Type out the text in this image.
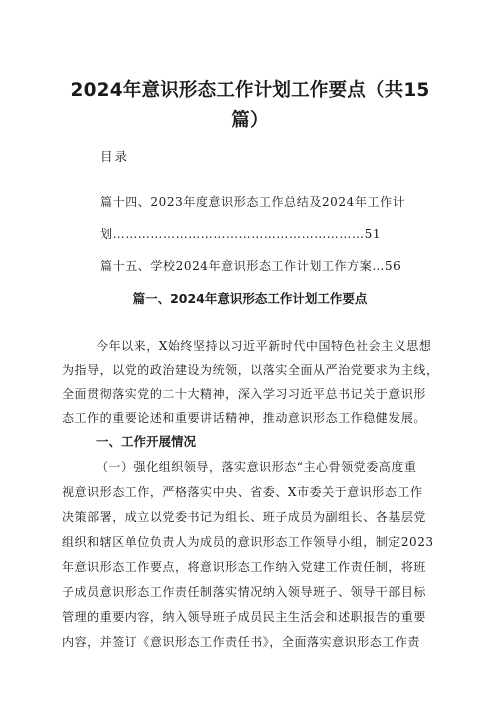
2024年意识形态工作计划工作要点（共15
篇）
目录
篇十四、2023年度意识形态工作总结及2024年工作计
划……………………………………………………51
篇十五、学校2024年意识形态工作计划工作方案…56
篇一、2024年意识形态工作计划工作要点
今年以来，X始终坚持以习近平新时代中国特色社会主义思想
为指导，以党的政治建设为统领，以落实全面从严治党要求为主线，
全面贯彻落实党的二十大精神，深入学习习近平总书记关于意识形
态工作的重要论述和重要讲话精神，推动意识形态工作稳健发展。
一、工作开展情况
（一）强化组织领导，落实意识形态“主心骨领党委高度重
视意识形态工作，严格落实中央、省委、X市委关于意识形态工作
决策部署，成立以党委书记为组长、班子成员为副组长、各基层党
组织和辖区单位负责人为成员的意识形态工作领导小组，制定2023
年意识形态工作要点，将意识形态工作纳入党建工作责任制，将班
子成员意识形态工作责任制落实情况纳入领导班子、领导干部目标
管理的重要内容，纳入领导班子成员民主生活会和述职报告的重要
内容，并签订《意识形态工作责任书》，全面落实意识形态工作责
